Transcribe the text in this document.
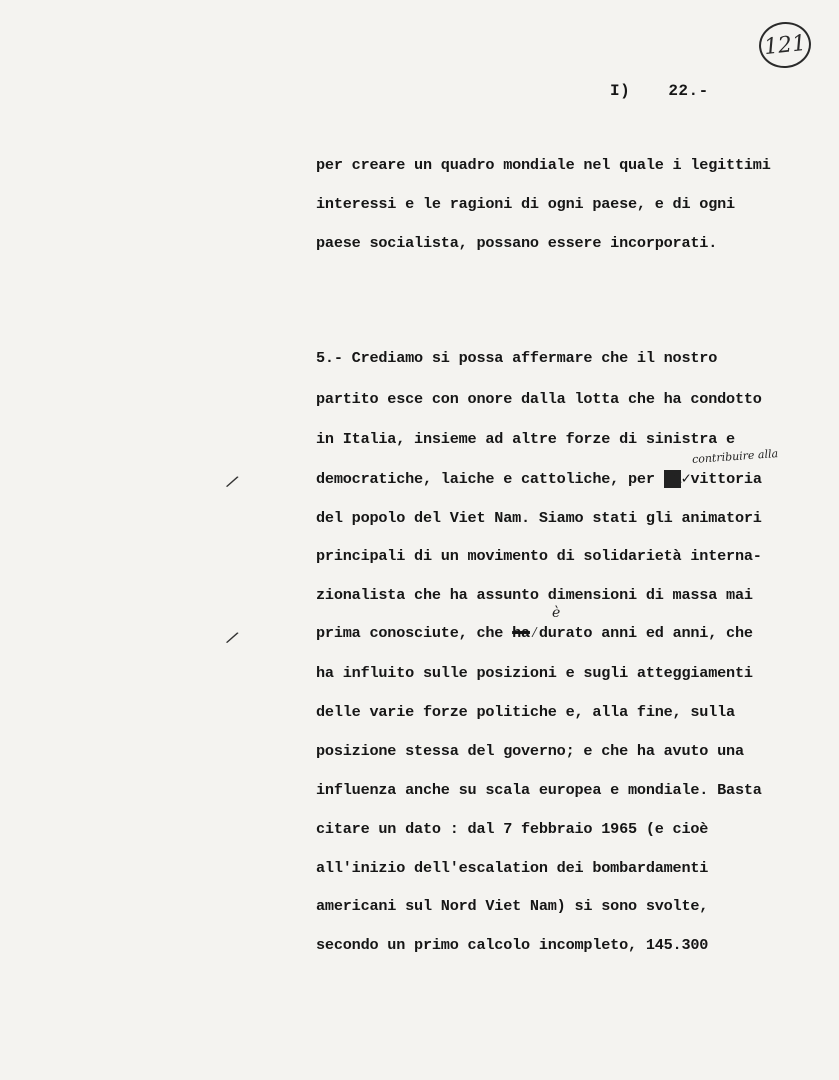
121
I) 22.-
per creare un quadro mondiale nel quale i legittimi
interessi e le ragioni di ogni paese, e di ogni
paese socialista, possano essere incorporati.
5.- Crediamo si possa affermare che il nostro
partito esce con onore dalla lotta che ha condotto
in Italia, insieme ad altre forze di sinistra e
contribuire alla
democratiche, laiche e cattoliche, per la✓vittoria
/
del popolo del Viet Nam. Siamo stati gli animatori
principali di un movimento di solidarietà interna-
zionalista che ha assunto dimensioni di massa mai
è
prima conosciute, che ha⁄durato anni ed anni, che
/
ha influito sulle posizioni e sugli atteggiamenti
delle varie forze politiche e, alla fine, sulla
posizione stessa del governo; e che ha avuto una
influenza anche su scala europea e mondiale. Basta
citare un dato : dal 7 febbraio 1965 (e cioè
all'inizio dell'escalation dei bombardamenti
americani sul Nord Viet Nam) si sono svolte,
secondo un primo calcolo incompleto, 145.300
